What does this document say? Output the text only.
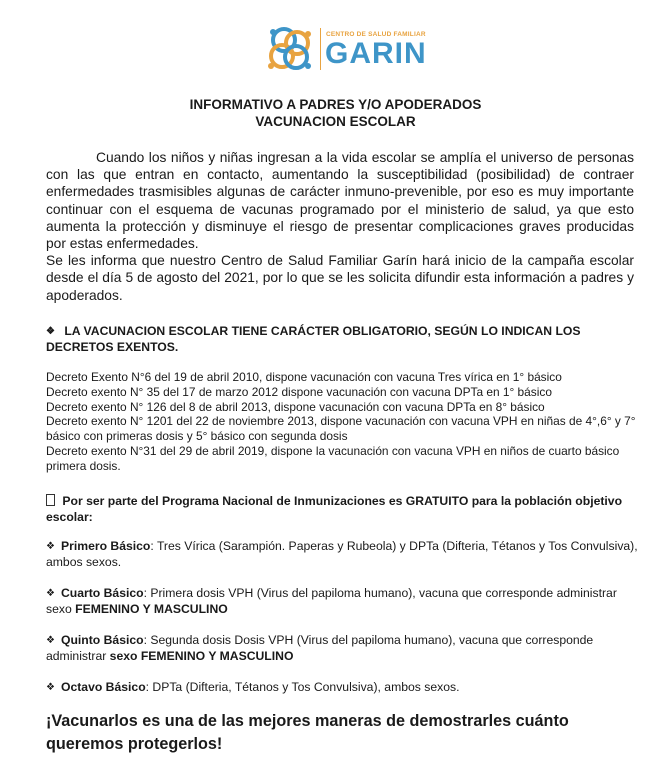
CENTRO DE SALUD FAMILIAR
GARIN
INFORMATIVO A PADRES Y/O APODERADOS
VACUNACION ESCOLAR

Cuando los niños y niñas ingresan a la vida escolar se amplía el universo de personas con las que entran en contacto, aumentando la susceptibilidad (posibilidad) de contraer enfermedades trasmisibles algunas de carácter inmuno-prevenible, por eso es muy importante continuar con el esquema de vacunas programado por el ministerio de salud, ya que esto aumenta la protección y disminuye el riesgo de presentar complicaciones graves producidas por estas enfermedades.

Se les informa que nuestro Centro de Salud Familiar Garín hará inicio de la campaña escolar desde el día 5 de agosto del 2021, por lo que se les solicita difundir esta información a padres y apoderados.

❖ LA VACUNACION ESCOLAR TIENE CARÁCTER OBLIGATORIO, SEGÚN LO INDICAN LOS DECRETOS EXENTOS.

Decreto Exento N°6 del 19 de abril 2010, dispone vacunación con vacuna Tres vírica en 1° básico

Decreto exento N° 35 del 17 de marzo 2012 dispone vacunación con vacuna DPTa en 1° básico

Decreto exento N° 126 del 8 de abril 2013, dispone vacunación con vacuna DPTa en 8° básico

Decreto exento N° 1201 del 22 de noviembre 2013, dispone vacunación con vacuna VPH en niñas de 4°,6° y 7° básico con primeras dosis y 5° básico con segunda dosis

Decreto exento N°31 del 29 de abril 2019, dispone la vacunación con vacuna VPH en niños de cuarto básico primera dosis.

Por ser parte del Programa Nacional de Inmunizaciones es GRATUITO para la población objetivo escolar:

❖ Primero Básico: Tres Vírica (Sarampión. Paperas y Rubeola) y DPTa (Difteria, Tétanos y Tos Convulsiva), ambos sexos.

❖ Cuarto Básico: Primera dosis VPH (Virus del papiloma humano), vacuna que corresponde administrar sexo FEMENINO Y MASCULINO

❖ Quinto Básico: Segunda dosis Dosis VPH (Virus del papiloma humano), vacuna que corresponde administrar sexo FEMENINO Y MASCULINO

❖ Octavo Básico: DPTa (Difteria, Tétanos y Tos Convulsiva), ambos sexos.

¡Vacunarlos es una de las mejores maneras de demostrarles cuánto queremos protegerlos!
